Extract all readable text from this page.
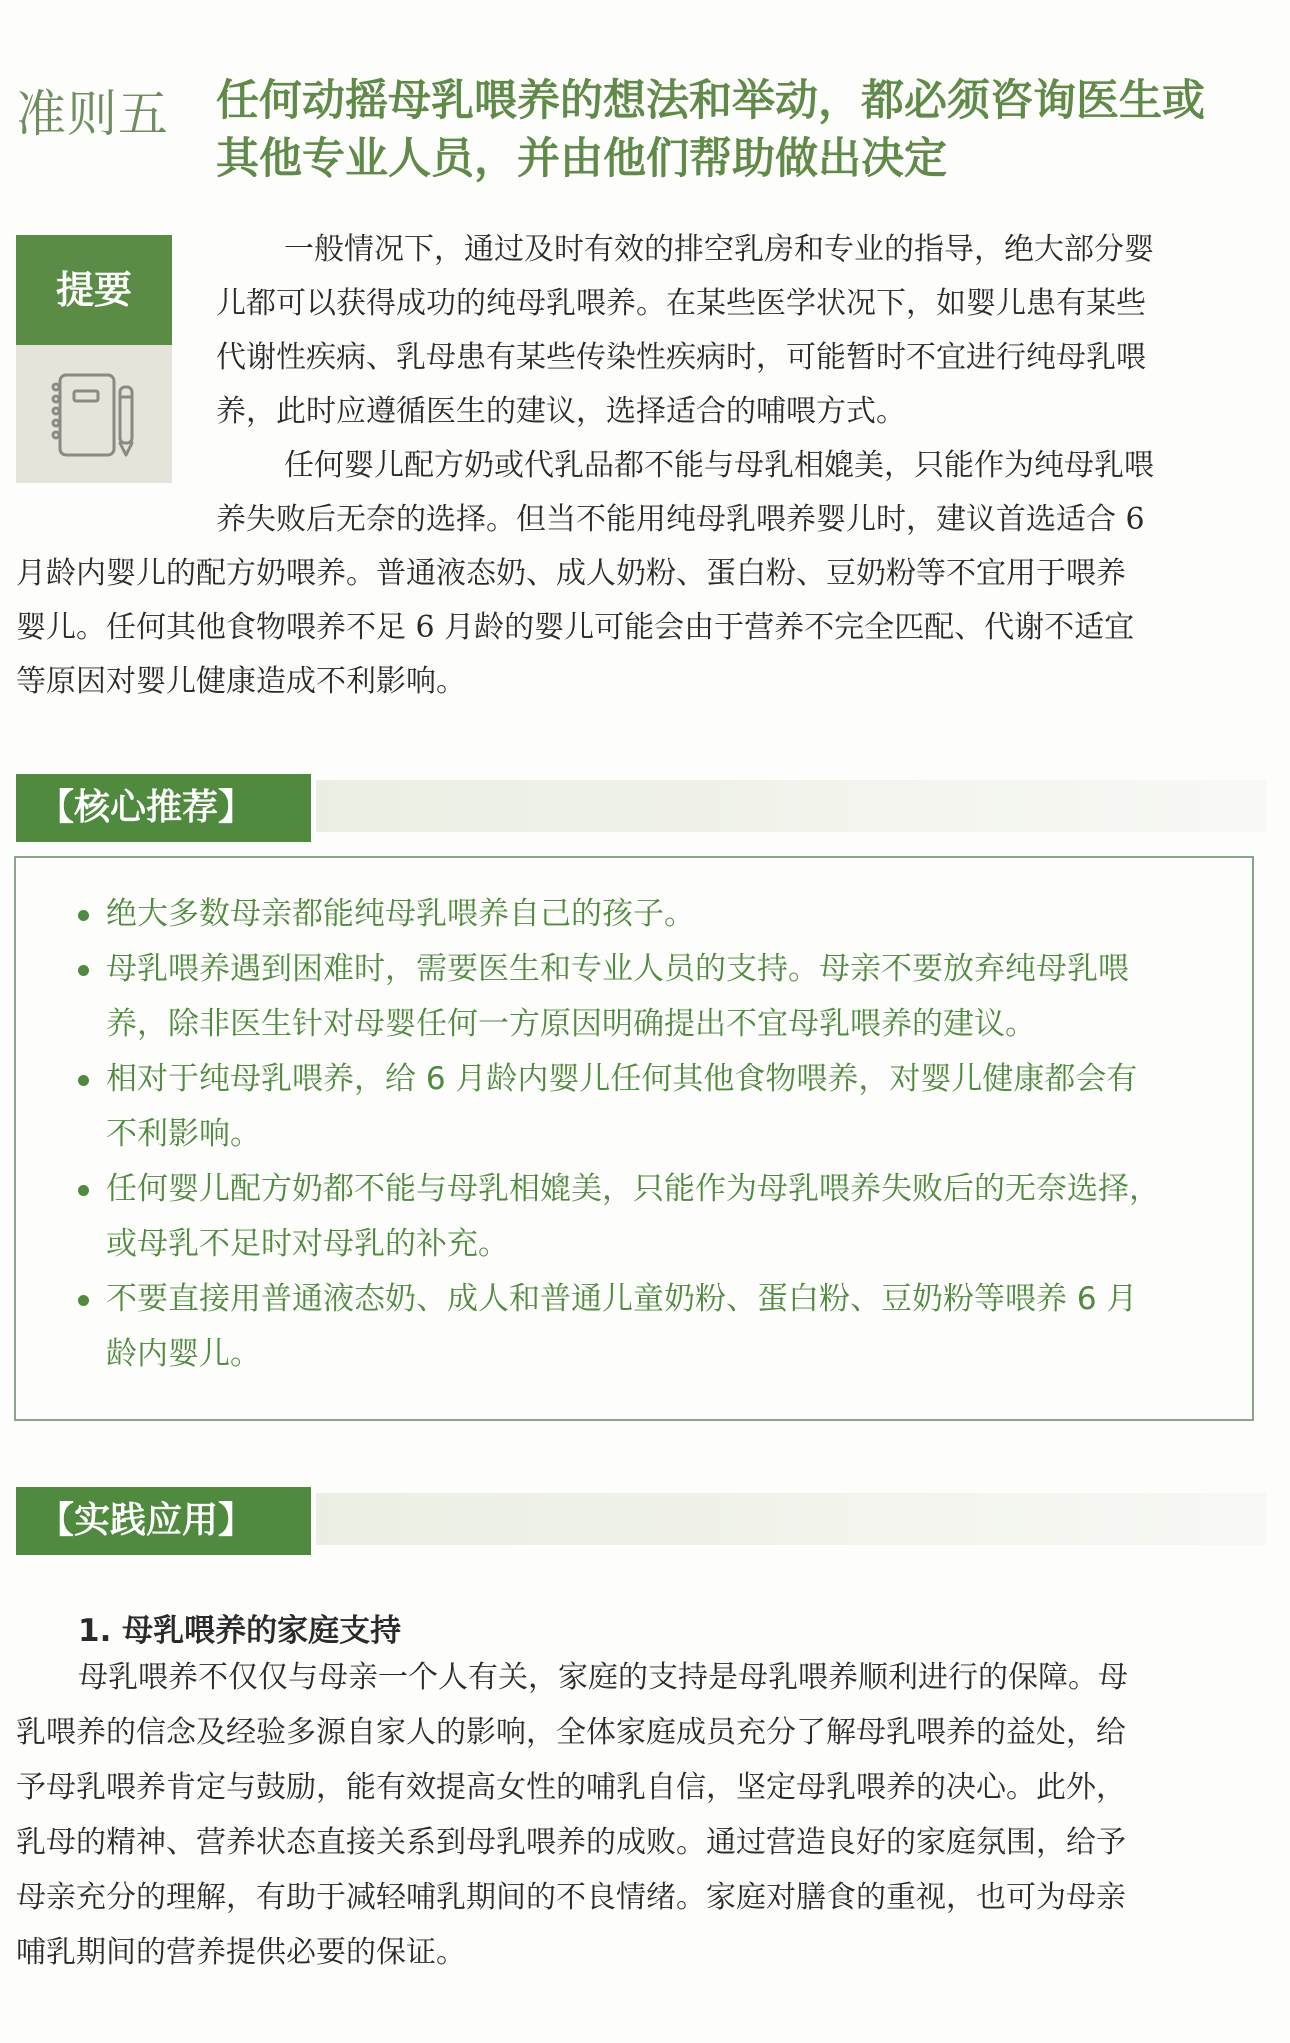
准则五 任何动摇母乳喂养的想法和举动，都必须咨询医生或
其他专业人员，并由他们帮助做出决定
提要
一般情况下，通过及时有效的排空乳房和专业的指导，绝大部分婴
儿都可以获得成功的纯母乳喂养。在某些医学状况下，如婴儿患有某些
代谢性疾病、乳母患有某些传染性疾病时，可能暂时不宜进行纯母乳喂
养，此时应遵循医生的建议，选择适合的哺喂方式。
任何婴儿配方奶或代乳品都不能与母乳相媲美，只能作为纯母乳喂
养失败后无奈的选择。但当不能用纯母乳喂养婴儿时，建议首选适合 6
月龄内婴儿的配方奶喂养。普通液态奶、成人奶粉、蛋白粉、豆奶粉等不宜用于喂养
婴儿。任何其他食物喂养不足 6 月龄的婴儿可能会由于营养不完全匹配、代谢不适宜
等原因对婴儿健康造成不利影响。
【核心推荐】
绝大多数母亲都能纯母乳喂养自己的孩子。
母乳喂养遇到困难时，需要医生和专业人员的支持。母亲不要放弃纯母乳喂
养，除非医生针对母婴任何一方原因明确提出不宜母乳喂养的建议。
相对于纯母乳喂养，给 6 月龄内婴儿任何其他食物喂养，对婴儿健康都会有
不利影响。
任何婴儿配方奶都不能与母乳相媲美，只能作为母乳喂养失败后的无奈选择，
或母乳不足时对母乳的补充。
不要直接用普通液态奶、成人和普通儿童奶粉、蛋白粉、豆奶粉等喂养 6 月
龄内婴儿。
【实践应用】
1. 母乳喂养的家庭支持
母乳喂养不仅仅与母亲一个人有关，家庭的支持是母乳喂养顺利进行的保障。母
乳喂养的信念及经验多源自家人的影响，全体家庭成员充分了解母乳喂养的益处，给
予母乳喂养肯定与鼓励，能有效提高女性的哺乳自信，坚定母乳喂养的决心。此外，
乳母的精神、营养状态直接关系到母乳喂养的成败。通过营造良好的家庭氛围，给予
母亲充分的理解，有助于减轻哺乳期间的不良情绪。家庭对膳食的重视，也可为母亲
哺乳期间的营养提供必要的保证。
